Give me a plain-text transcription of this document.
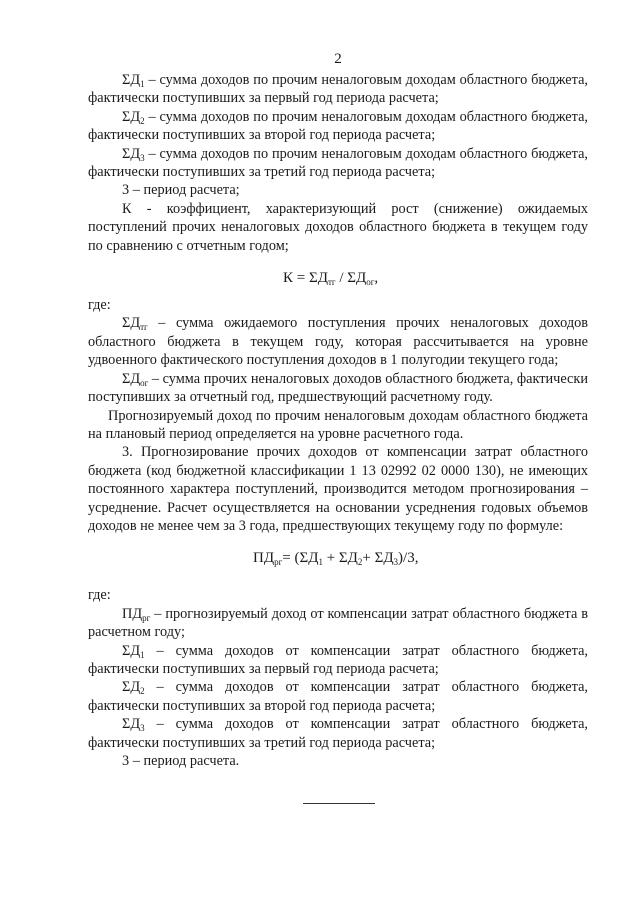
2

$\Sigma Д_1$ – сумма доходов по прочим неналоговым доходам областного бюджета, фактически поступивших за первый год периода расчета;

$\Sigma Д_2$ – сумма доходов по прочим неналоговым доходам областного бюджета, фактически поступивших за второй год периода расчета;

$\Sigma Д_3$ – сумма доходов по прочим неналоговым доходам областного бюджета, фактически поступивших за третий год периода расчета;

3 – период расчета;

К - коэффициент, характеризующий рост (снижение) ожидаемых поступлений прочих неналоговых доходов областного бюджета в текущем году по сравнению с отчетным годом;

$К = \Sigma Д_{тг} / \Sigma Д_{ог}$,

где:

$\Sigma Д_{тг}$ – сумма ожидаемого поступления прочих неналоговых доходов областного бюджета в текущем году, которая рассчитывается на уровне удвоенного фактического поступления доходов в 1 полугодии текущего года;

$\Sigma Д_{ог}$ – сумма прочих неналоговых доходов областного бюджета, фактически поступивших за отчетный год, предшествующий расчетному году.

Прогнозируемый доход по прочим неналоговым доходам областного бюджета на плановый период определяется на уровне расчетного года.

3. Прогнозирование прочих доходов от компенсации затрат областного бюджета (код бюджетной классификации 1 13 02992 02 0000 130), не имеющих постоянного характера поступлений, производится методом прогнозирования – усреднение. Расчет осуществляется на основании усреднения годовых объемов доходов не менее чем за 3 года, предшествующих текущему году по формуле:

$ПД_{рг}= (\Sigma Д_1 + \Sigma Д_2+ \Sigma Д_3)/3$,

где:

$ПД_{рг}$ – прогнозируемый доход от компенсации затрат областного бюджета в расчетном году;

$\Sigma Д_1$ – сумма доходов от компенсации затрат областного бюджета, фактически поступивших за первый год периода расчета;

$\Sigma Д_2$ – сумма доходов от компенсации затрат областного бюджета, фактически поступивших за второй год периода расчета;

$\Sigma Д_3$ – сумма доходов от компенсации затрат областного бюджета, фактически поступивших за третий год периода расчета;

3 – период расчета.
